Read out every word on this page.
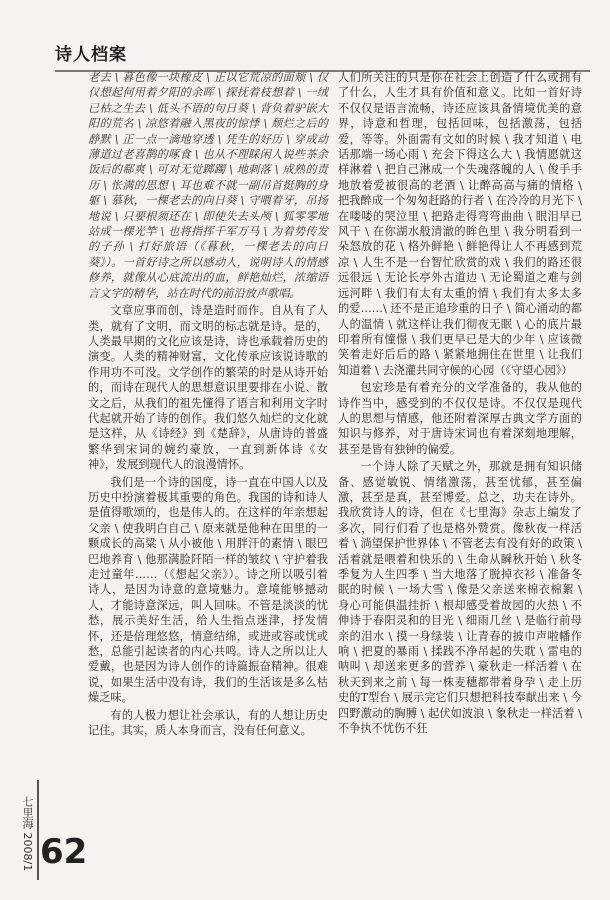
诗人档案

老去 \ 暮色像一块橡皮 \ 正以它荒凉的面颊 \ 仅仅想起何用着夕阳的余晖 \ 探抚着枝想着 \ 一绒已枯之生去 \ 低头不语的句日葵 \ 背负着驴嵌大阳的荒名 \ 凉悠着融入黑夜的惊悸 \ 颓烂之后的静默 \ 正一点一滴地穿透 \ 凭生的好历 \ 穿成动薄道过老喜鹊的啄食 \ 也从不理睬闲人说些茶余饭后的郗爽 \ 可对无觉踯躅 \ 地刺落 \ 成熟的责历 \ 怅满的思想 \ 耳也难不就一副吊首挺胸的身躯 \ 慕秋，一棵老去的向日葵 \ 守喂着牙，吊扬地说 \ 只要根须还在 \ 即使失去头颅 \ 狐零零地站成一棵光竿 \ 也将指挥千军万马 \ 为着势传发的子孙 \ 打好旅语（《暮秋，一棵老去的向日葵》）。一首好诗之所以感动人，说明诗人的情感修养，就像从心底流出的血，鲜艳灿烂，浓缩语言文字的精华，站在时代的前沿放声歌唱。

文章应事而创，诗是造时而作。自从有了人类，就有了文明，而文明的标志就是诗。是的，人类最早期的文化应该是诗，诗也承载着历史的演变。人类的精神财富，文化传承应该说诗歌的作用功不可没。文学创作的繁荣的时是从诗开始的，而诗在现代人的思想意识里要排在小说、散文之后，从我们的祖先懂得了语言和利用文字时代起就开始了诗的创作。我们悠久灿烂的文化就是这样，从《诗经》到《楚辞》，从唐诗的普盛繁华到宋词的婉约豪放，一直到新体诗《女神》，发展到现代人的浪漫情怀。

我们是一个诗的国度，诗一直在中国人以及历史中扮演着极其重要的角色。我国的诗和诗人是值得歌颂的，也是伟人的。在这样的年亲想起父亲 \ 使我明白自己 \ 原来就是他种在田里的一颗成长的高粱 \ 从小被他 \ 用胖汗的素情 \ 眼巴巴地养育 \ 他那满脸阡陌一样的皱纹 \ 守护着我走过童年……（《想起父亲》）。诗之所以吸引着诗人，是因为诗意的意境魅力。意境能够撼动人，才能诗意深远，叫人回味。不管是淡淡的忧愁，展示美好生活，给人生指点迷津，抒发情怀，还是倍理悠悠，情意结绵，或进或容或忧或愁，总能引起读者的内心共鸣。诗人之所以让人爱戴，也是因为诗人创作的诗篇振奋精神。很难说，如果生活中没有诗，我们的生活该是多么枯燥乏味。

有的人极力想让社会承认，有的人想让历史记住。其实，质人本身而言，没有任何意义。

人们所关注的只是你在社会上创造了什么或拥有了什么，人生才具有价值和意义。比如一首好诗不仅仅是语言流畅，诗还应该具备情境优美的意界，诗意和哲理，包括回味，包括激荡，包括爱，等等。外面需有文如的时候 \ 我才知道 \ 电话那端一场心雨 \ 充会下得这么大 \ 我情愿就这样淋着 \ 把自己淋成一个失魂落魄的人 \ 俊手手地放着爱被很高的老酒 \ 让醉高高与痛的情格 \ 把我醉成一个匆匆赶路的行者 \ 在冷冷的月光下 \ 在喽喽的哭泣里 \ 把路走得弯弯曲曲 \ 眼泪早已风干 \ 在你湖水般清澈的眸色里 \ 我分明看到一朵怒放的花 \ 格外鲜艳 \ 鲜艳得让人不再感到荒凉 \ 人生不是一台智忙欣赏的戏 \ 我们的路还很远很远 \ 无论长亭外古道边 \ 无论蜀道之难与剑远河畔 \ 我们有太有太重的情 \ 我们有太多太多的爱……\ 还不是正追珍重的日子 \ 简心涌动的都人的温情 \ 就这样让我们彻夜无眠 \ 心的底片最印着所有憧憬 \ 我们更早已是大的少年 \ 应该微笑着走好后后的路 \ 紧紧地拥住在世里 \ 让我们知道着 \ 去浇灌共同守候的心园（《守望心园》）

包宏珍是有着充分的文学准备的，我从他的诗作当中，感受到的不仅仅是诗。不仅仅是现代人的思想与情感，他还附着深厚古典文学方面的知识与修养，对于唐诗宋词也有着深刻地理解，甚至是皆有独钟的偏爱。

一个诗人除了天赋之外，那就是拥有知识储备、感觉敏锐、情绪激荡，甚至忧郁，甚至偏激，甚至是真，甚至博爱。总之，功夫在诗外。我欣赏诗人的诗，但在《七里海》杂志上编发了多次，同行们看了也是格外赞赏。像秋夜一样活着 \ 淌望保护世界体 \ 不管老去有没有好的政策 \ 活着就是喂着和快乐的 \ 生命从瞬秋开始 \ 秋冬季复为人生四季 \ 当大地落了脱掉衣衫 \ 准备冬眠的时候 \ 一场大雪 \ 像是父亲送来棉衣棉絮 \ 身心可能俱温挂折 \ 根却感受着故园的火热 \ 不伸诗于春阳灵和的目光 \ 细雨几丝 \ 是临行前母亲的泪水 \ 摸一身绿装 \ 让青春的披巾声啦幡作响 \ 把夏的暴雨 \ 揉践不净吊起的失耽 \ 雷电的呐叫 \ 却送来更多的营养 \ 豪秋走一样活着 \ 在秋天到来之前 \ 每一株麦穗都带着身孕 \ 走上历史的T型台 \ 展示完它们只想把科技奉献出来 \ 今四野激动的胸膊 \ 起伏如波浪 \ 象秋走一样活着 \ 不争执不忧伤不狂

七里海 2008/1 62
